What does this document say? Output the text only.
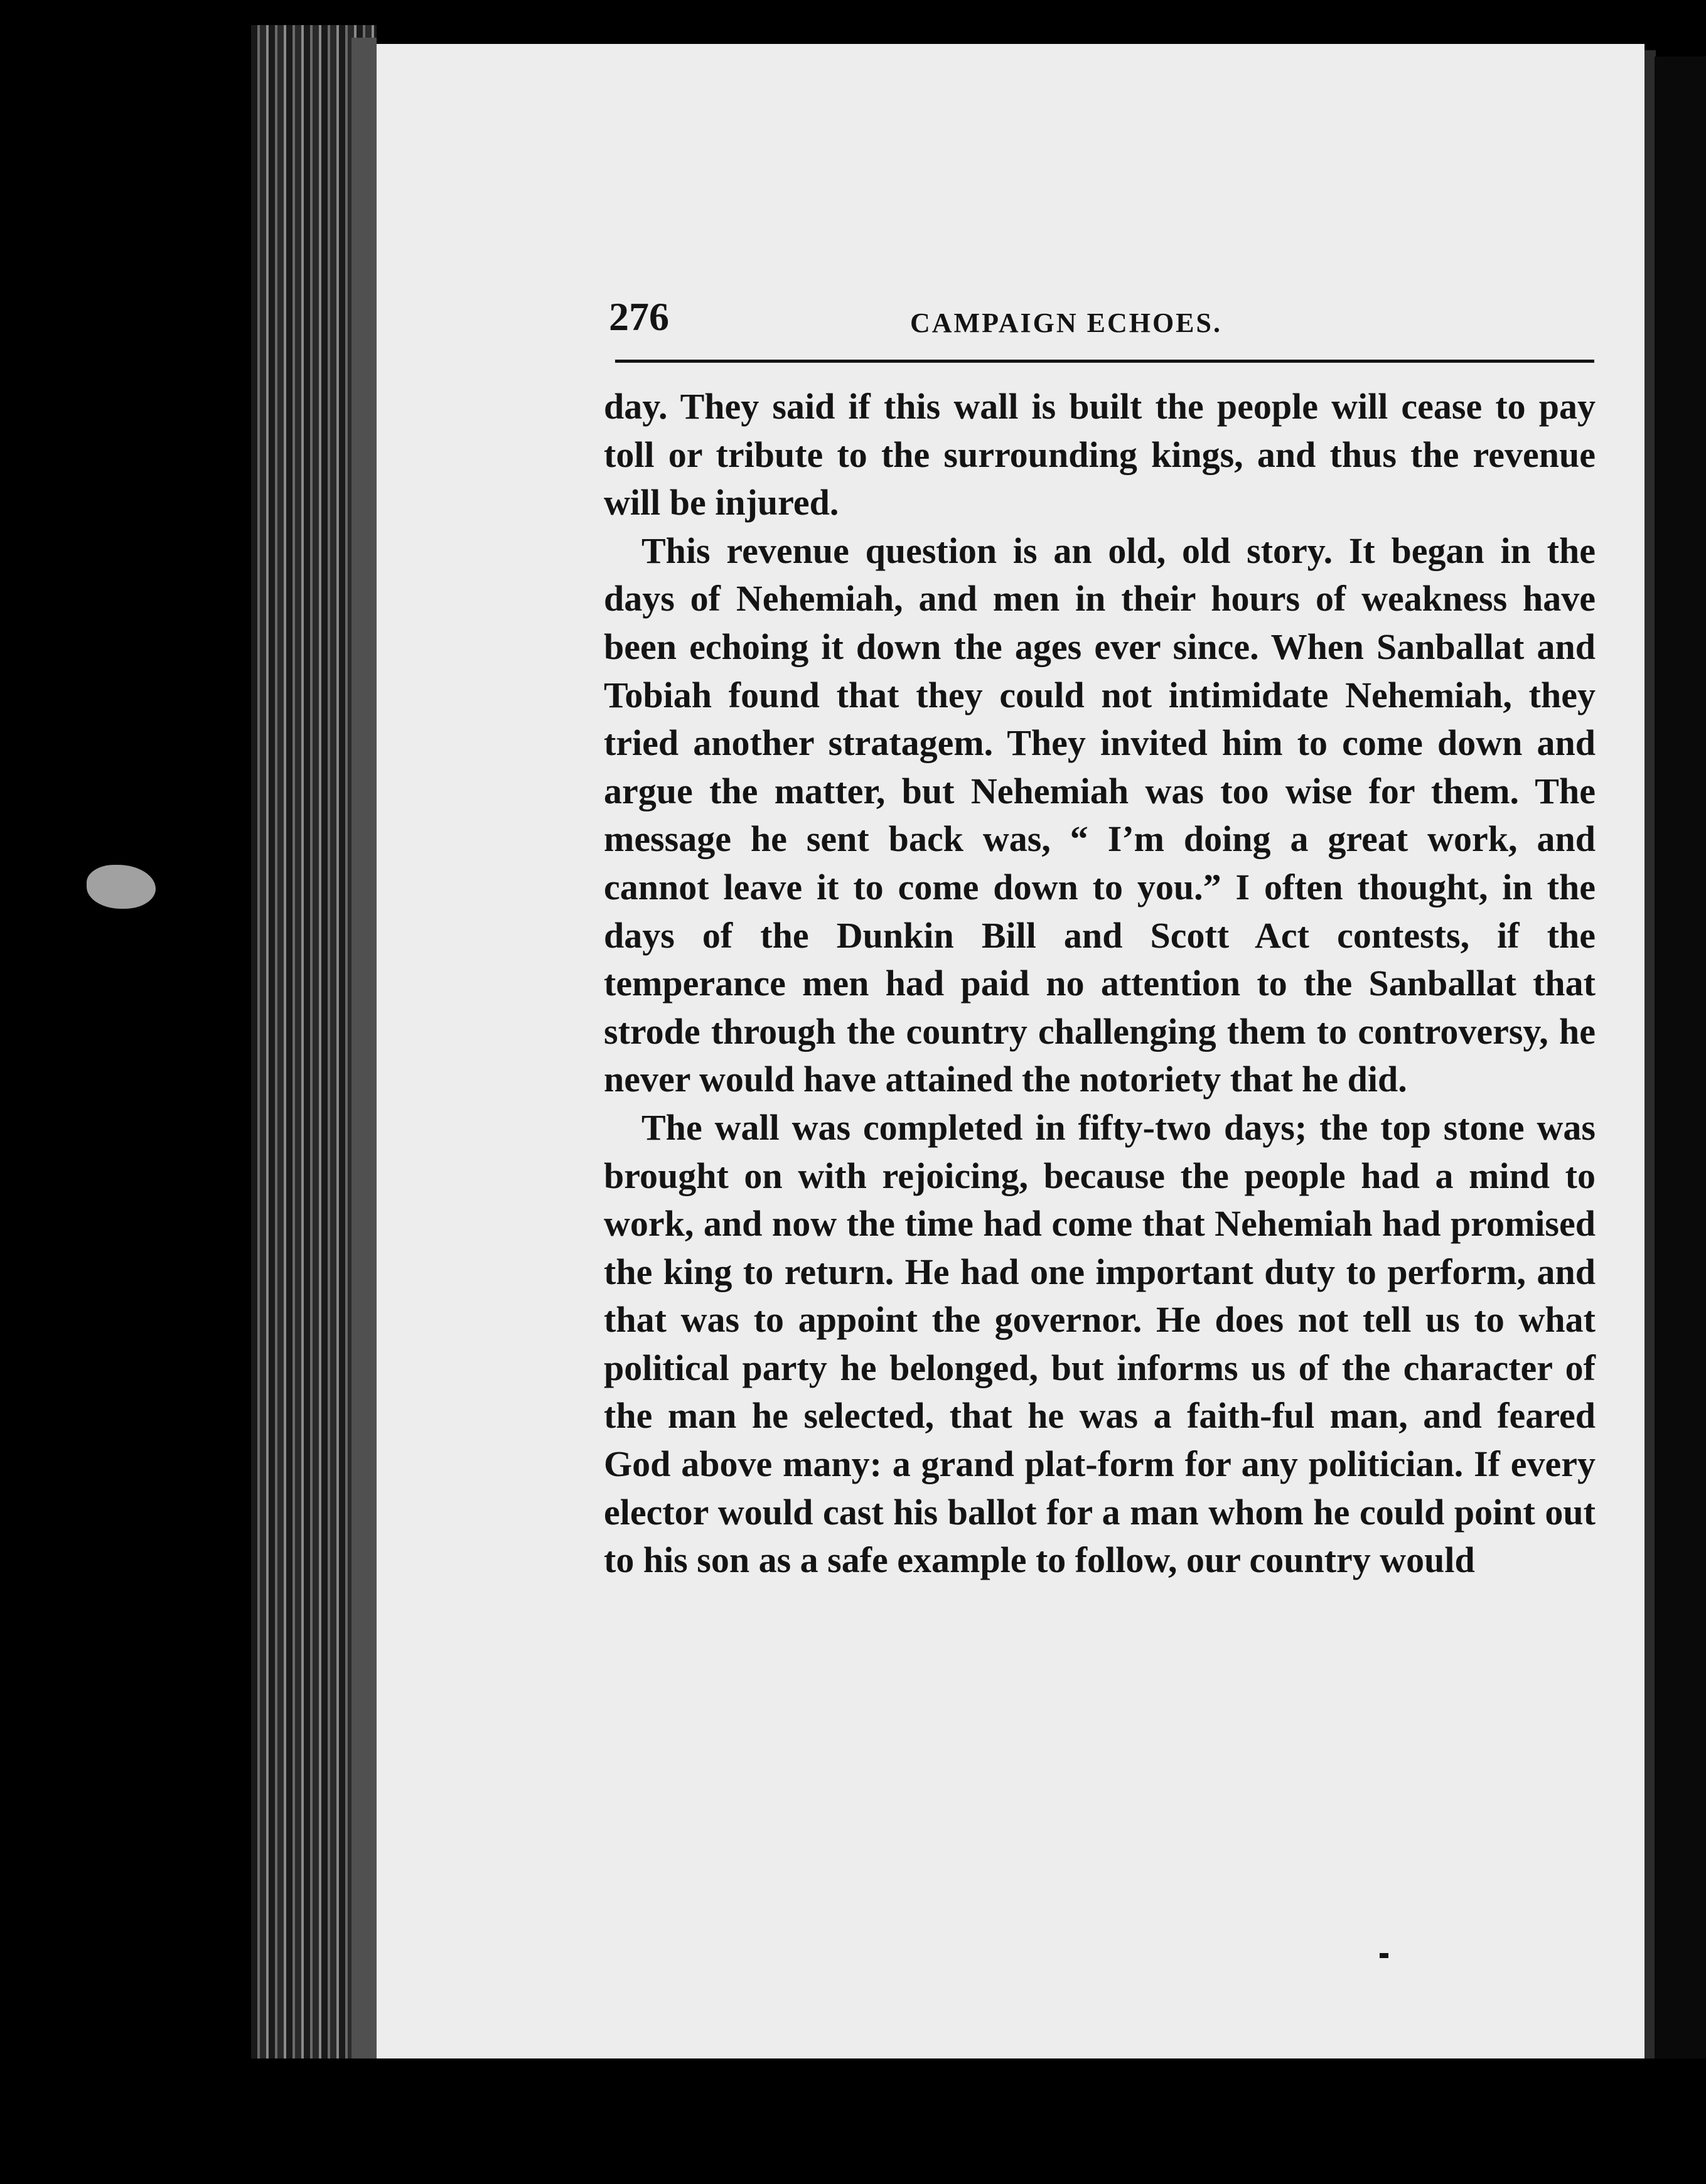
276	CAMPAIGN ECHOES.

day. They said if this wall is built the people will cease to pay toll or tribute to the surrounding kings, and thus the revenue will be injured.

This revenue question is an old, old story. It began in the days of Nehemiah, and men in their hours of weakness have been echoing it down the ages ever since. When Sanballat and Tobiah found that they could not intimidate Nehemiah, they tried another stratagem. They invited him to come down and argue the matter, but Nehemiah was too wise for them. The message he sent back was, “ I’m doing a great work, and cannot leave it to come down to you.” I often thought, in the days of the Dunkin Bill and Scott Act contests, if the temperance men had paid no attention to the Sanballat that strode through the country challenging them to controversy, he never would have attained the notoriety that he did.

The wall was completed in fifty-two days; the top stone was brought on with rejoicing, because the people had a mind to work, and now the time had come that Nehemiah had promised the king to return. He had one important duty to perform, and that was to appoint the governor. He does not tell us to what political party he belonged, but informs us of the character of the man he selected, that he was a faith-ful man, and feared God above many: a grand plat-form for any politician. If every elector would cast his ballot for a man whom he could point out to his son as a safe example to follow, our country would
